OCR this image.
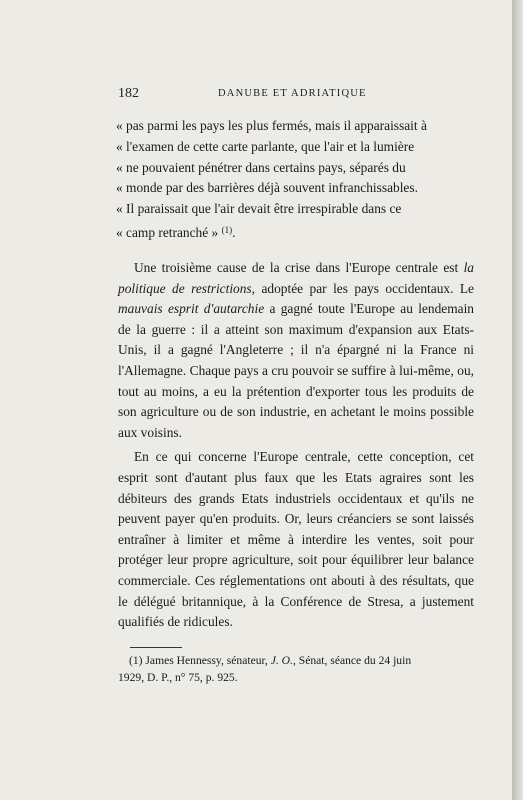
182	DANUBE ET ADRIATIQUE
« pas parmi les pays les plus fermés, mais il apparaissait à
« l'examen de cette carte parlante, que l'air et la lumière
« ne pouvaient pénétrer dans certains pays, séparés du
« monde par des barrières déjà souvent infranchissables.
« Il paraissait que l'air devait être irrespirable dans ce
« camp retranché » $^{(1)}$.

Une troisième cause de la crise dans l'Europe centrale est la politique de restrictions, adoptée par les pays occidentaux. Le mauvais esprit d'autarchie a gagné toute l'Europe au lendemain de la guerre : il a atteint son maximum d'expansion aux Etats-Unis, il a gagné l'Angleterre ; il n'a épargné ni la France ni l'Allemagne. Chaque pays a cru pouvoir se suffire à lui-même, ou, tout au moins, a eu la prétention d'exporter tous les produits de son agriculture ou de son industrie, en achetant le moins possible aux voisins.

En ce qui concerne l'Europe centrale, cette conception, cet esprit sont d'autant plus faux que les Etats agraires sont les débiteurs des grands Etats industriels occidentaux et qu'ils ne peuvent payer qu'en produits. Or, leurs créanciers se sont laissés entraîner à limiter et même à interdire les ventes, soit pour protéger leur propre agriculture, soit pour équilibrer leur balance commerciale. Ces réglementations ont abouti à des résultats, que le délégué britannique, à la Conférence de Stresa, a justement qualifiés de ridicules.

(1) James Hennessy, sénateur, J. O., Sénat, séance du 24 juin
1929, D. P., n° 75, p. 925.
